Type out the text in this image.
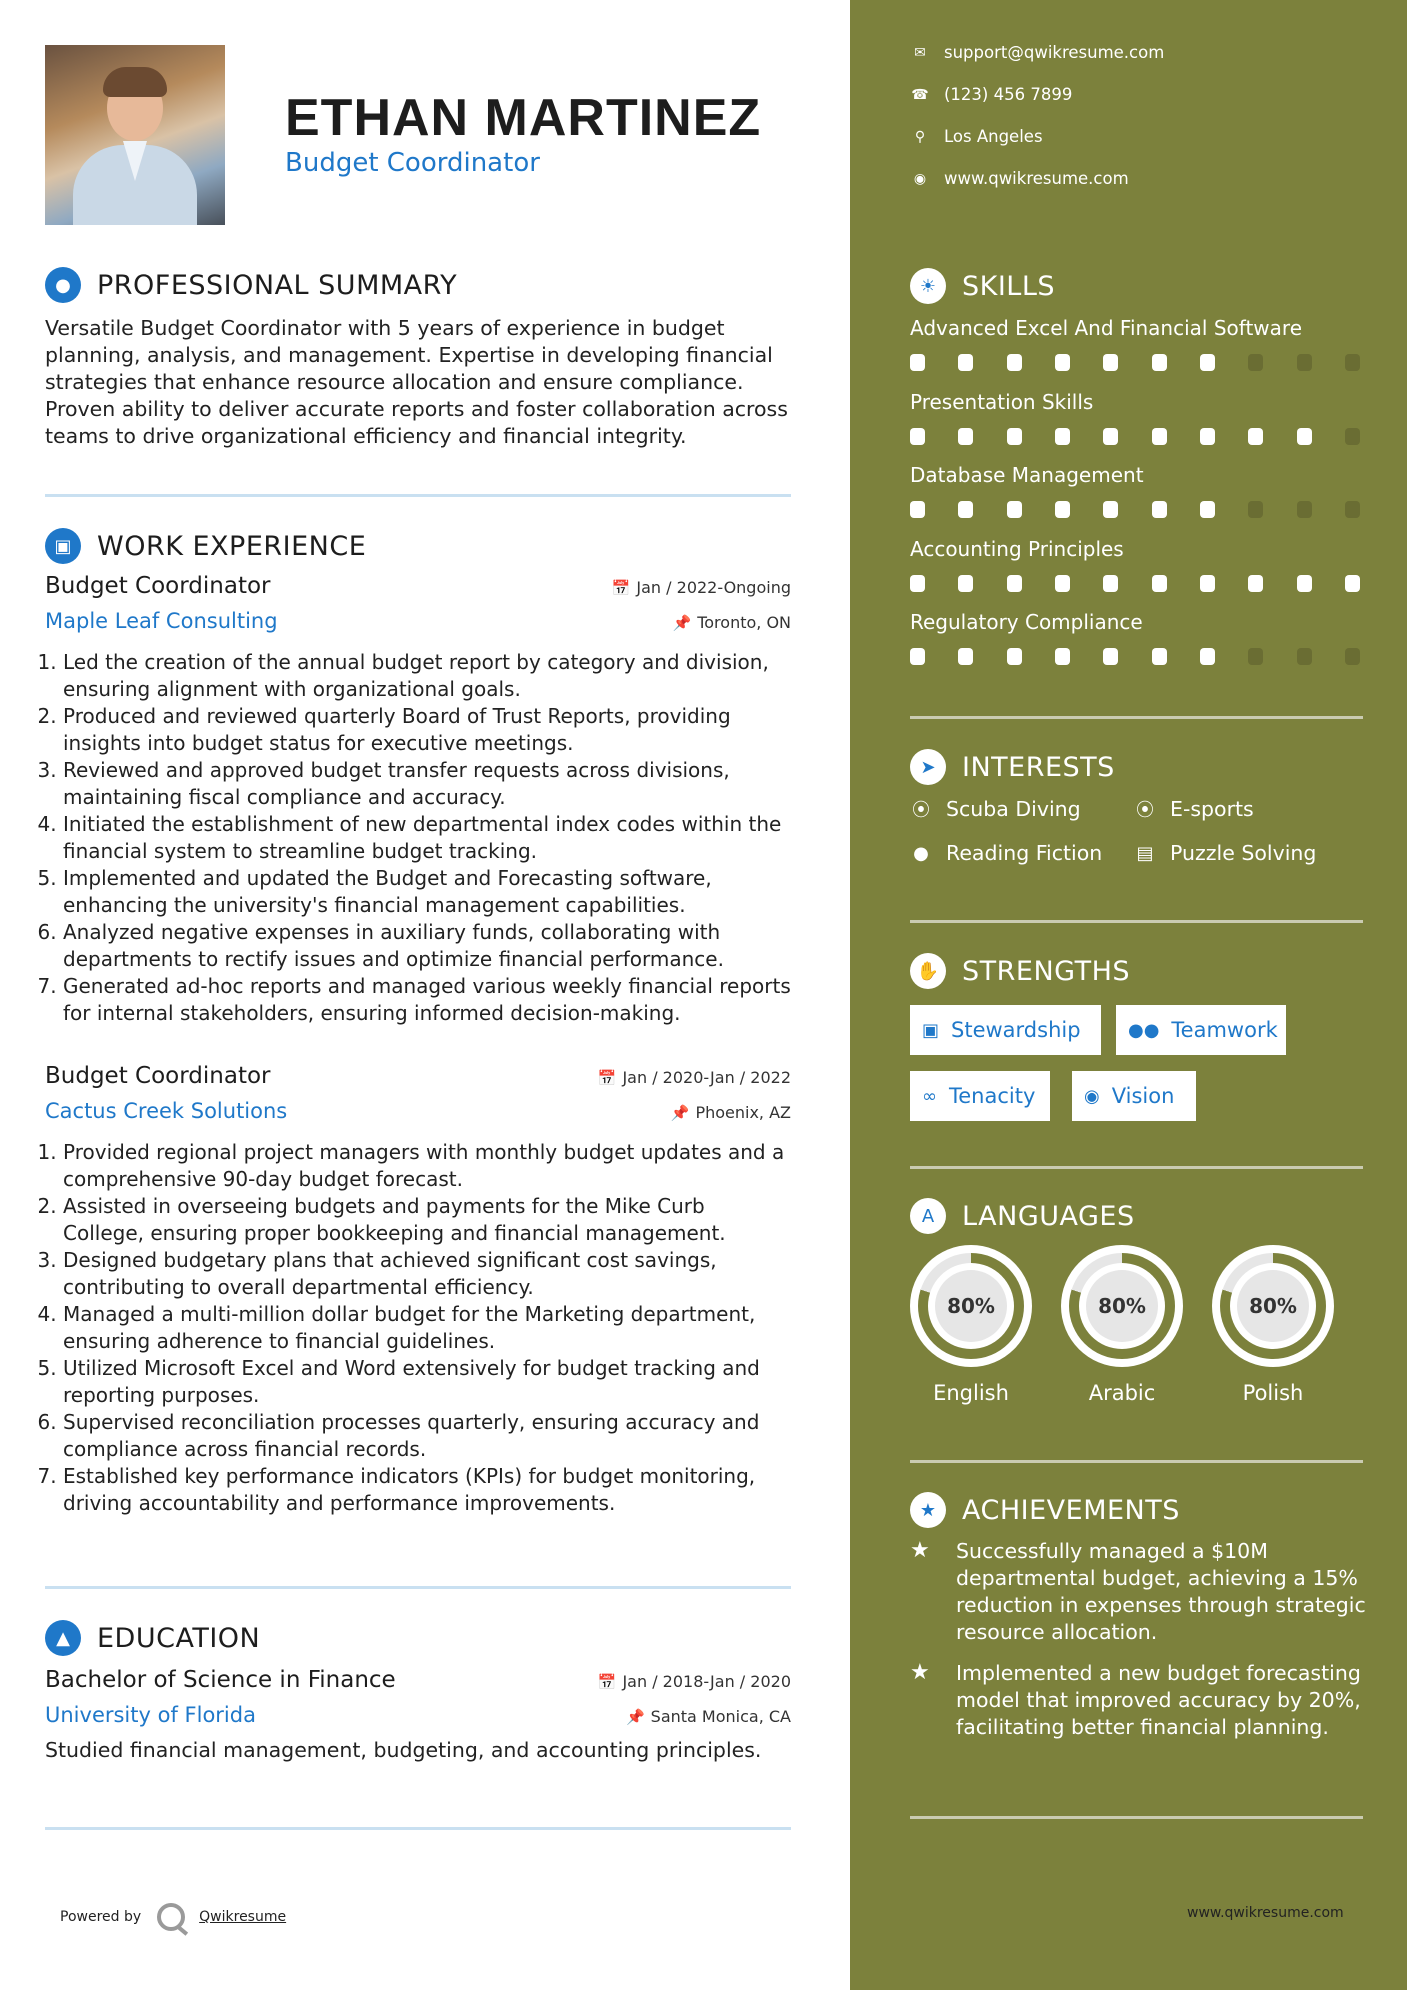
ETHAN MARTINEZ
Budget Coordinator
● PROFESSIONAL SUMMARY
Versatile Budget Coordinator with 5 years of experience in budget planning, analysis, and management. Expertise in developing financial strategies that enhance resource allocation and ensure compliance. Proven ability to deliver accurate reports and foster collaboration across teams to drive organizational efficiency and financial integrity.
▣ WORK EXPERIENCE
Budget Coordinator	📅 Jan / 2022-Ongoing
Maple Leaf Consulting	📌 Toronto, ON
1. Led the creation of the annual budget report by category and division, ensuring alignment with organizational goals.
2. Produced and reviewed quarterly Board of Trust Reports, providing insights into budget status for executive meetings.
3. Reviewed and approved budget transfer requests across divisions, maintaining fiscal compliance and accuracy.
4. Initiated the establishment of new departmental index codes within the financial system to streamline budget tracking.
5. Implemented and updated the Budget and Forecasting software, enhancing the university's financial management capabilities.
6. Analyzed negative expenses in auxiliary funds, collaborating with departments to rectify issues and optimize financial performance.
7. Generated ad-hoc reports and managed various weekly financial reports for internal stakeholders, ensuring informed decision-making.
Budget Coordinator	📅 Jan / 2020-Jan / 2022
Cactus Creek Solutions	📌 Phoenix, AZ
1. Provided regional project managers with monthly budget updates and a comprehensive 90-day budget forecast.
2. Assisted in overseeing budgets and payments for the Mike Curb College, ensuring proper bookkeeping and financial management.
3. Designed budgetary plans that achieved significant cost savings, contributing to overall departmental efficiency.
4. Managed a multi-million dollar budget for the Marketing department, ensuring adherence to financial guidelines.
5. Utilized Microsoft Excel and Word extensively for budget tracking and reporting purposes.
6. Supervised reconciliation processes quarterly, ensuring accuracy and compliance across financial records.
7. Established key performance indicators (KPIs) for budget monitoring, driving accountability and performance improvements.
▲	EDUCATION
Bachelor of Science in Finance	📅 Jan / 2018-Jan / 2020
University of Florida	📌 Santa Monica, CA
Studied financial management, budgeting, and accounting principles.
Powered by	Qwikresume
✉ support@qwikresume.com
☎ (123) 456 7899
⚲ Los Angeles
◉ www.qwikresume.com
☀ SKILLS
Advanced Excel And Financial Software
Presentation Skills
Database Management
Accounting Principles
Regulatory Compliance
➤ INTERESTS
⦿ Scuba Diving	⦿ E-sports
● Reading Fiction ▤ Puzzle Solving
✋ STRENGTHS
▣ Stewardship	●● Teamwork
∞ Tenacity	◉ Vision
A	LANGUAGES
80%
English
80%
Arabic
80%
Polish
★ ACHIEVEMENTS
★	Successfully managed a $10M departmental budget, achieving a 15% reduction in expenses through strategic resource allocation.
★	Implemented a new budget forecasting model that improved accuracy by 20%, facilitating better financial planning.
www.qwikresume.com
